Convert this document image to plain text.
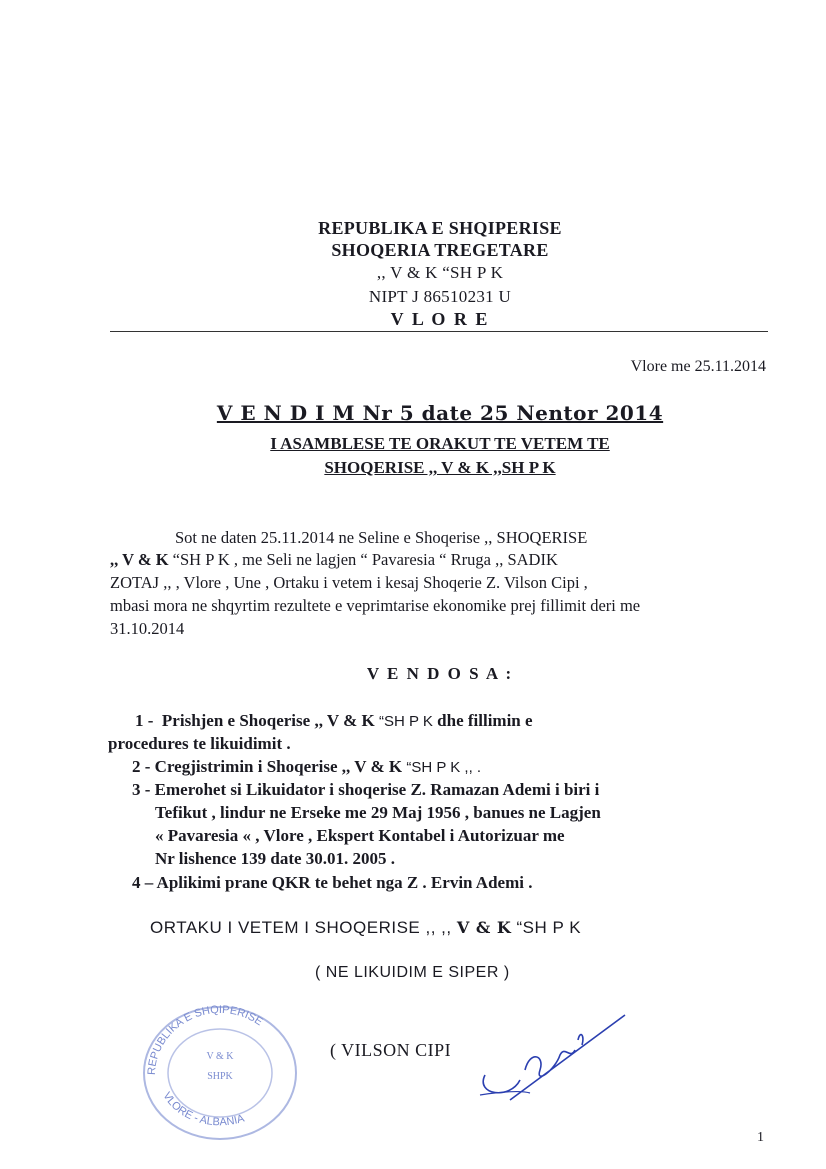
REPUBLIKA E SHQIPERISE
SHOQERIA TREGETARE
,, V & K “SH P K
NIPT J 86510231 U
V L O R E
Vlore me 25.11.2014
V E N D I M Nr 5 date 25 Nentor 2014
I ASAMBLESE TE ORAKUT TE VETEM TE
SHOQERISE ,, V & K ,,SH P K
Sot ne daten 25.11.2014 ne Seline e Shoqerise ,, SHOQERISE
,, V & K “SH P K , me Seli ne lagjen “ Pavaresia “ Rruga ,, SADIK
ZOTAJ ,, , Vlore , Une , Ortaku i vetem i kesaj Shoqerie Z. Vilson Cipi ,
mbasi mora ne shqyrtim rezultete e veprimtarise ekonomike prej fillimit deri me
31.10.2014
V E N D O S A :
1 - Prishjen e Shoqerise ,, V & K “SH P K dhe fillimin e
procedures te likuidimit .
2 - Cregjistrimin i Shoqerise ,, V & K “SH P K ,, .
3 - Emerohet si Likuidator i shoqerise Z. Ramazan Ademi i biri i
Tefikut , lindur ne Erseke me 29 Maj 1956 , banues ne Lagjen
« Pavaresia « , Vlore , Ekspert Kontabel i Autorizuar me
Nr lishence 139 date 30.01. 2005 .
4 – Aplikimi prane QKR te behet nga Z . Ervin Ademi .
ORTAKU I VETEM I SHOQERISE ,, ,, V & K “SH P K
( NE LIKUIDIM E SIPER )
REPUBLIKA E SHQIPERISE
VLORE - ALBANIA
V & K
SHPK
( VILSON CIPI
1
